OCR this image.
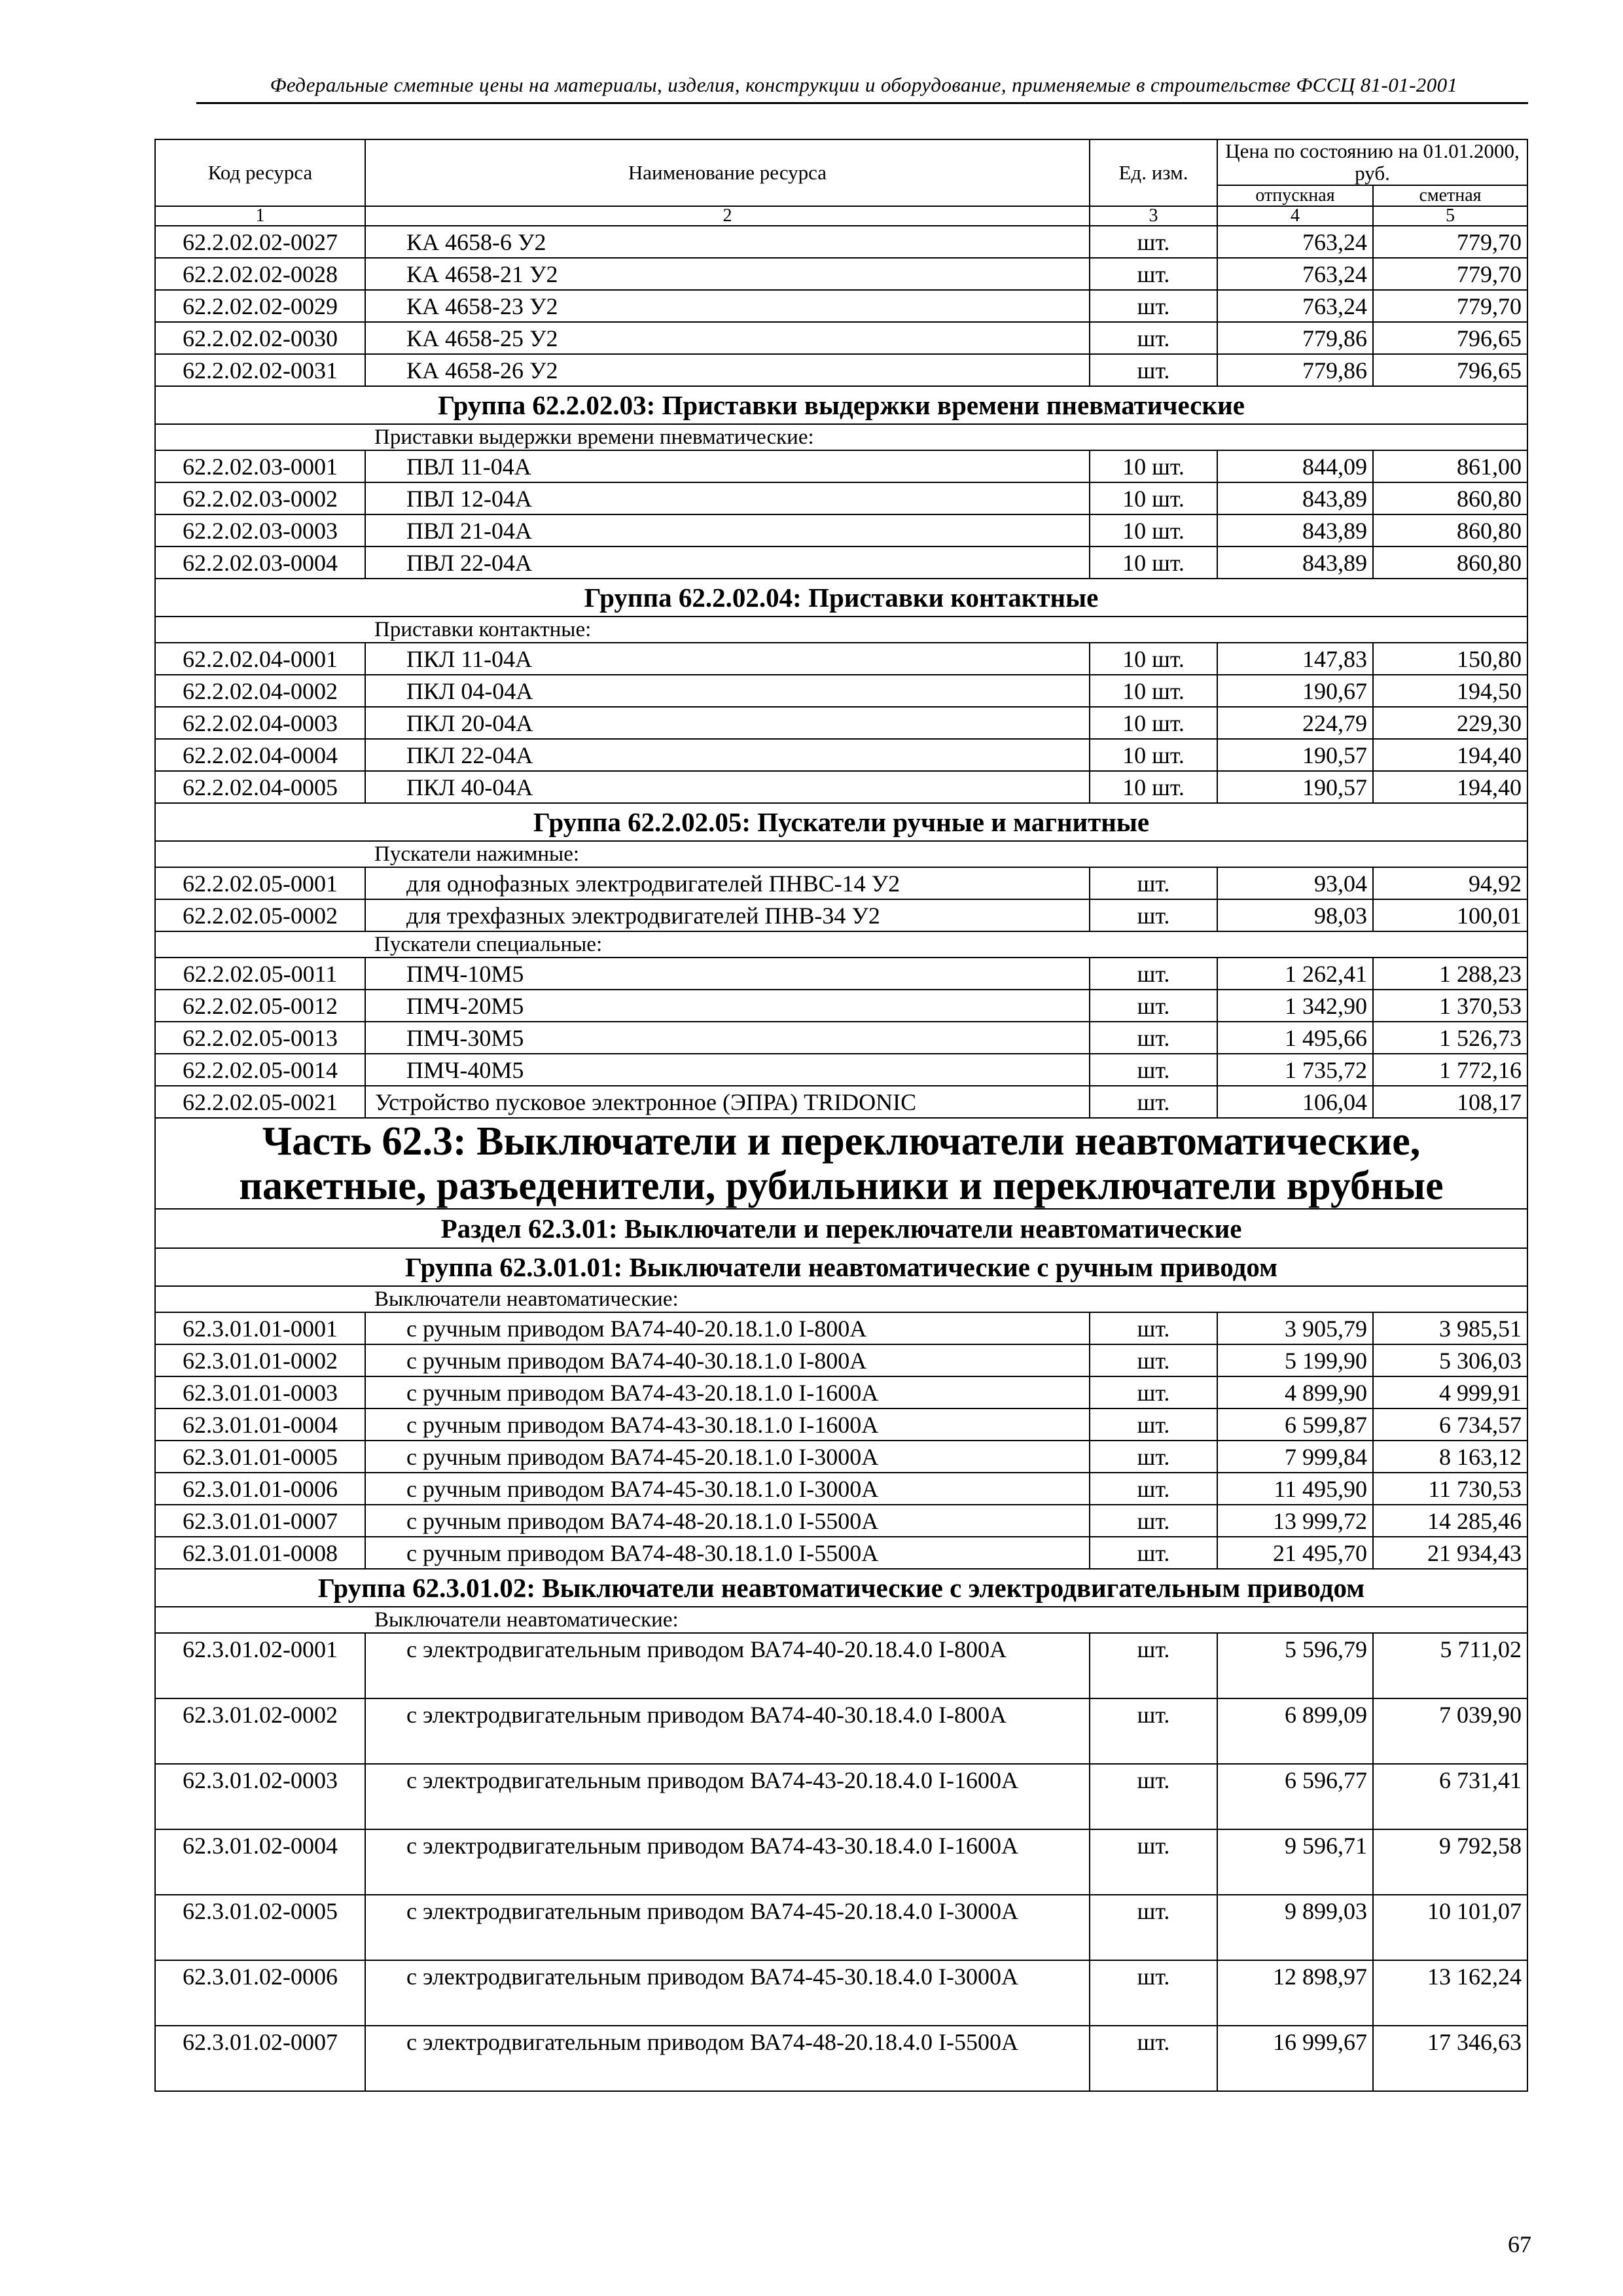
Федеральные сметные цены на материалы, изделия, конструкции и оборудование, применяемые в строительстве ФССЦ 81-01-2001
Код ресурса	Наименование ресурса	Ед. изм.	Цена по состоянию на 01.01.2000, руб.	
			отпускная	сметная
1	2	3	4	5
62.2.02.02-0027	КА 4658-6 У2	шт.	763,24	779,70
62.2.02.02-0028	КА 4658-21 У2	шт.	763,24	779,70
62.2.02.02-0029	КА 4658-23 У2	шт.	763,24	779,70
62.2.02.02-0030	КА 4658-25 У2	шт.	779,86	796,65
62.2.02.02-0031	КА 4658-26 У2	шт.	779,86	796,65
Группа 62.2.02.03: Приставки выдержки времени пневматические				
	Приставки выдержки времени пневматические:			
62.2.02.03-0001	ПВЛ 11-04А	10 шт.	844,09	861,00
62.2.02.03-0002	ПВЛ 12-04А	10 шт.	843,89	860,80
62.2.02.03-0003	ПВЛ 21-04А	10 шт.	843,89	860,80
62.2.02.03-0004	ПВЛ 22-04А	10 шт.	843,89	860,80
Группа 62.2.02.04: Приставки контактные				
	Приставки контактные:			
62.2.02.04-0001	ПКЛ 11-04А	10 шт.	147,83	150,80
62.2.02.04-0002	ПКЛ 04-04А	10 шт.	190,67	194,50
62.2.02.04-0003	ПКЛ 20-04А	10 шт.	224,79	229,30
62.2.02.04-0004	ПКЛ 22-04А	10 шт.	190,57	194,40
62.2.02.04-0005	ПКЛ 40-04А	10 шт.	190,57	194,40
Группа 62.2.02.05: Пускатели ручные и магнитные				
	Пускатели нажимные:			
62.2.02.05-0001	для однофазных электродвигателей ПНВС-14 У2	шт.	93,04	94,92
62.2.02.05-0002	для трехфазных электродвигателей ПНВ-34 У2	шт.	98,03	100,01
	Пускатели специальные:			
62.2.02.05-0011	ПМЧ-10М5	шт.	1 262,41	1 288,23
62.2.02.05-0012	ПМЧ-20М5	шт.	1 342,90	1 370,53
62.2.02.05-0013	ПМЧ-30М5	шт.	1 495,66	1 526,73
62.2.02.05-0014	ПМЧ-40М5	шт.	1 735,72	1 772,16
62.2.02.05-0021	Устройство пусковое электронное (ЭПРА) TRIDONIC	шт.	106,04	108,17

Часть 62.3: Выключатели и переключатели неавтоматические,
пакетные, разъеденители, рубильники и переключатели врубные				

Раздел 62.3.01: Выключатели и переключатели неавтоматические				
Группа 62.3.01.01: Выключатели неавтоматические с ручным приводом				
	Выключатели неавтоматические:			
62.3.01.01-0001	с ручным приводом ВА74-40-20.18.1.0 I-800А	шт.	3 905,79	3 985,51
62.3.01.01-0002	с ручным приводом ВА74-40-30.18.1.0 I-800А	шт.	5 199,90	5 306,03
62.3.01.01-0003	с ручным приводом ВА74-43-20.18.1.0 I-1600А	шт.	4 899,90	4 999,91
62.3.01.01-0004	с ручным приводом ВА74-43-30.18.1.0 I-1600А	шт.	6 599,87	6 734,57
62.3.01.01-0005	с ручным приводом ВА74-45-20.18.1.0 I-3000А	шт.	7 999,84	8 163,12
62.3.01.01-0006	с ручным приводом ВА74-45-30.18.1.0 I-3000А	шт.	11 495,90	11 730,53
62.3.01.01-0007	с ручным приводом ВА74-48-20.18.1.0 I-5500А	шт.	13 999,72	14 285,46
62.3.01.01-0008	с ручным приводом ВА74-48-30.18.1.0 I-5500А	шт.	21 495,70	21 934,43
Группа 62.3.01.02: Выключатели неавтоматические с электродвигательным приводом				
	Выключатели неавтоматические:			
62.3.01.02-0001	с электродвигательным приводом ВА74-40-20.18.4.0 I-800А	шт.	5 596,79	5 711,02
62.3.01.02-0002	с электродвигательным приводом ВА74-40-30.18.4.0 I-800А	шт.	6 899,09	7 039,90
62.3.01.02-0003	с электродвигательным приводом ВА74-43-20.18.4.0 I-1600А	шт.	6 596,77	6 731,41
62.3.01.02-0004	с электродвигательным приводом ВА74-43-30.18.4.0 I-1600А	шт.	9 596,71	9 792,58
62.3.01.02-0005	с электродвигательным приводом ВА74-45-20.18.4.0 I-3000А	шт.	9 899,03	10 101,07
62.3.01.02-0006	с электродвигательным приводом ВА74-45-30.18.4.0 I-3000А	шт.	12 898,97	13 162,24
62.3.01.02-0007	с электродвигательным приводом ВА74-48-20.18.4.0 I-5500А	шт.	16 999,67	17 346,63
67
